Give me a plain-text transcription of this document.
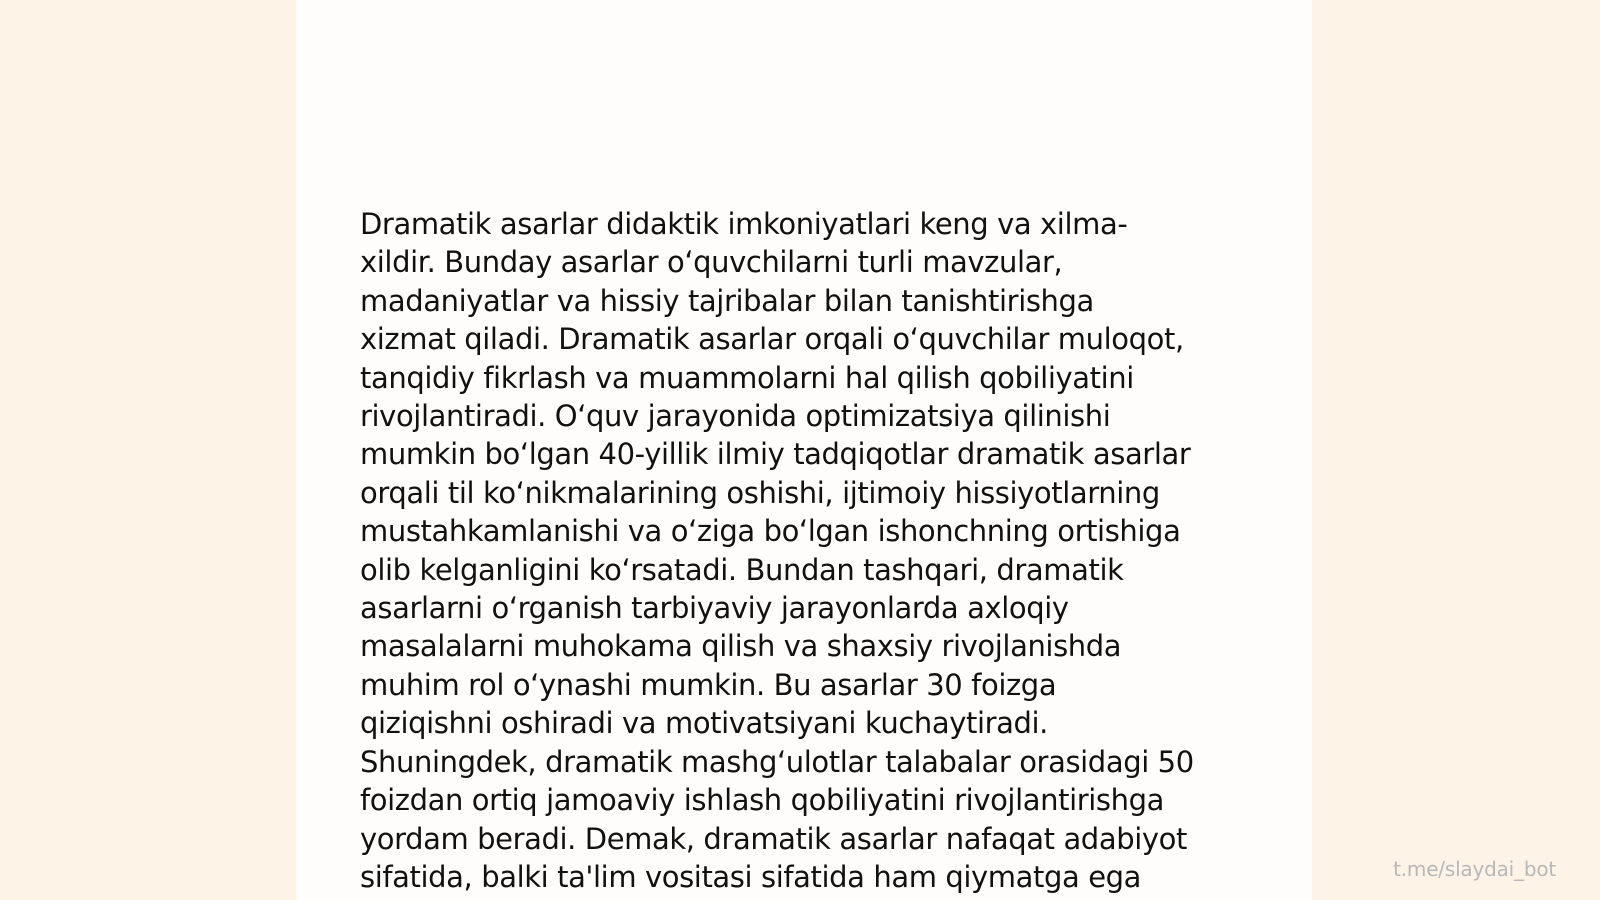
Dramatik asarlar didaktik imkoniyatlari keng va xilma-
xildir. Bunday asarlar o‘quvchilarni turli mavzular,
madaniyatlar va hissiy tajribalar bilan tanishtirishga
xizmat qiladi. Dramatik asarlar orqali o‘quvchilar muloqot,
tanqidiy fikrlash va muammolarni hal qilish qobiliyatini
rivojlantiradi. O‘quv jarayonida optimizatsiya qilinishi
mumkin bo‘lgan 40-yillik ilmiy tadqiqotlar dramatik asarlar
orqali til ko‘nikmalarining oshishi, ijtimoiy hissiyotlarning
mustahkamlanishi va o‘ziga bo‘lgan ishonchning ortishiga
olib kelganligini ko‘rsatadi. Bundan tashqari, dramatik
asarlarni o‘rganish tarbiyaviy jarayonlarda axloqiy
masalalarni muhokama qilish va shaxsiy rivojlanishda
muhim rol o‘ynashi mumkin. Bu asarlar 30 foizga
qiziqishni oshiradi va motivatsiyani kuchaytiradi.
Shuningdek, dramatik mashg‘ulotlar talabalar orasidagi 50
foizdan ortiq jamoaviy ishlash qobiliyatini rivojlantirishga
yordam beradi. Demak, dramatik asarlar nafaqat adabiyot
sifatida, balki ta'lim vositasi sifatida ham qiymatga ega	t.me/slaydai_bot
